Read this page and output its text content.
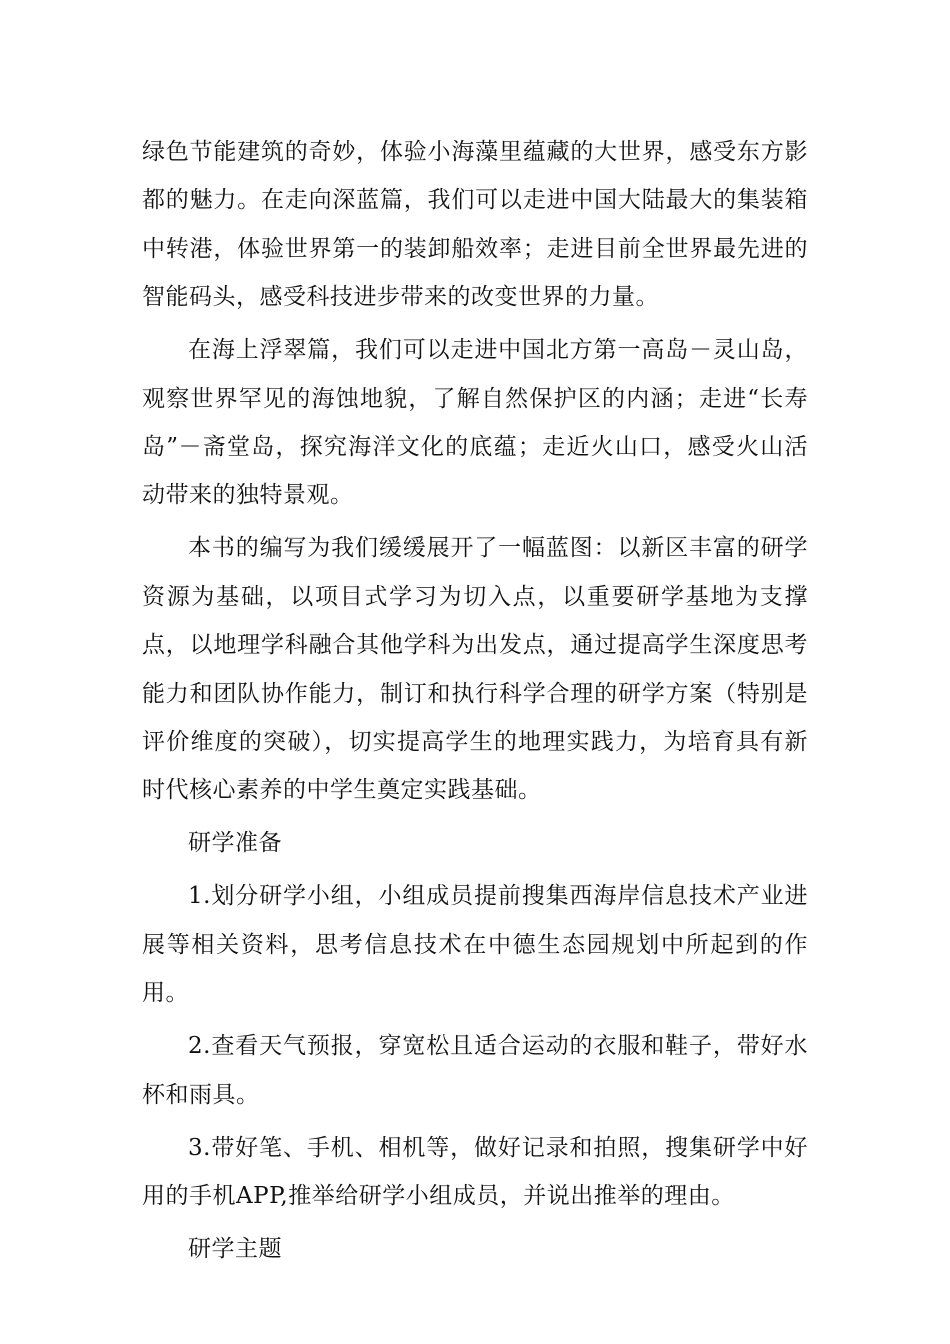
绿色节能建筑的奇妙，体验小海藻里蕴藏的大世界，感受东方影都的魅力。在走向深蓝篇，我们可以走进中国大陆最大的集装箱中转港，体验世界第一的装卸船效率；走进目前全世界最先进的智能码头，感受科技进步带来的改变世界的力量。

在海上浮翠篇，我们可以走进中国北方第一高岛－灵山岛，观察世界罕见的海蚀地貌，了解自然保护区的内涵；走进“长寿岛”－斋堂岛，探究海洋文化的底蕴；走近火山口，感受火山活动带来的独特景观。

本书的编写为我们缓缓展开了一幅蓝图：以新区丰富的研学资源为基础，以项目式学习为切入点，以重要研学基地为支撑点，以地理学科融合其他学科为出发点，通过提高学生深度思考能力和团队协作能力，制订和执行科学合理的研学方案（特别是评价维度的突破），切实提高学生的地理实践力，为培育具有新时代核心素养的中学生奠定实践基础。

研学准备

1.划分研学小组，小组成员提前搜集西海岸信息技术产业进展等相关资料，思考信息技术在中德生态园规划中所起到的作用。

2.查看天气预报，穿宽松且适合运动的衣服和鞋子，带好水杯和雨具。

3.带好笔、手机、相机等，做好记录和拍照，搜集研学中好用的手机APP,推举给研学小组成员，并说出推举的理由。

研学主题
